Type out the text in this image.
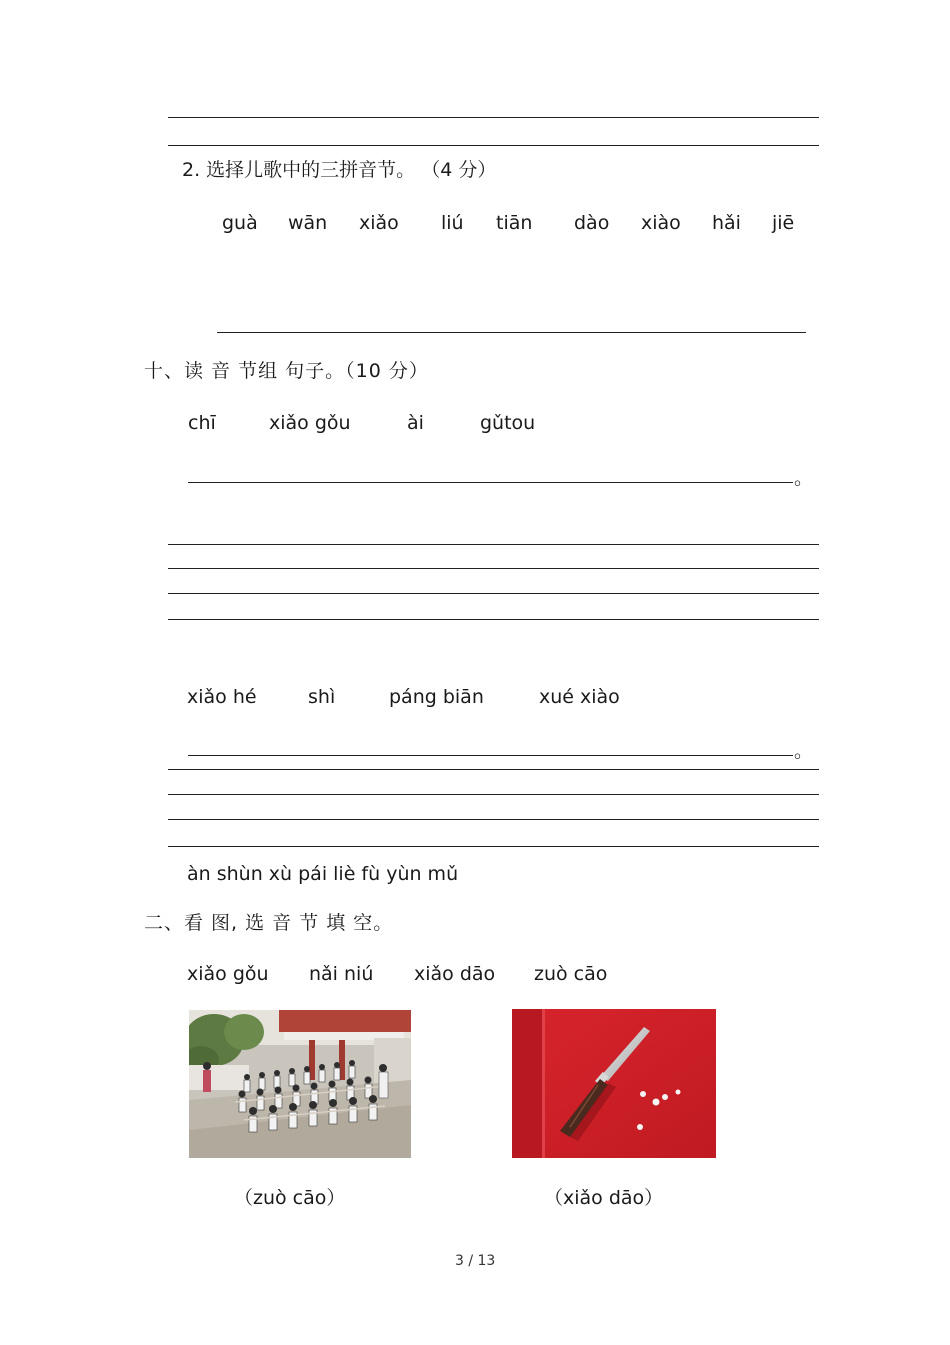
2. 选择儿歌中的三拼音节。 （4 分）
guà wān xiǎo liú tiān dào xiào hǎi jiē
十、读 音 节组 句子。（10 分）
chī	xiǎo gǒu	ài	gǔtou
。
xiǎo hé	shì	páng biān	xué xiào
。
àn shùn xù pái liè fù yùn mǔ
二、看 图, 选 音 节 填 空。
xiǎo gǒu nǎi niú xiǎo dāo zuò cāo
（zuò cāo）	（xiǎo dāo）
3 / 13
